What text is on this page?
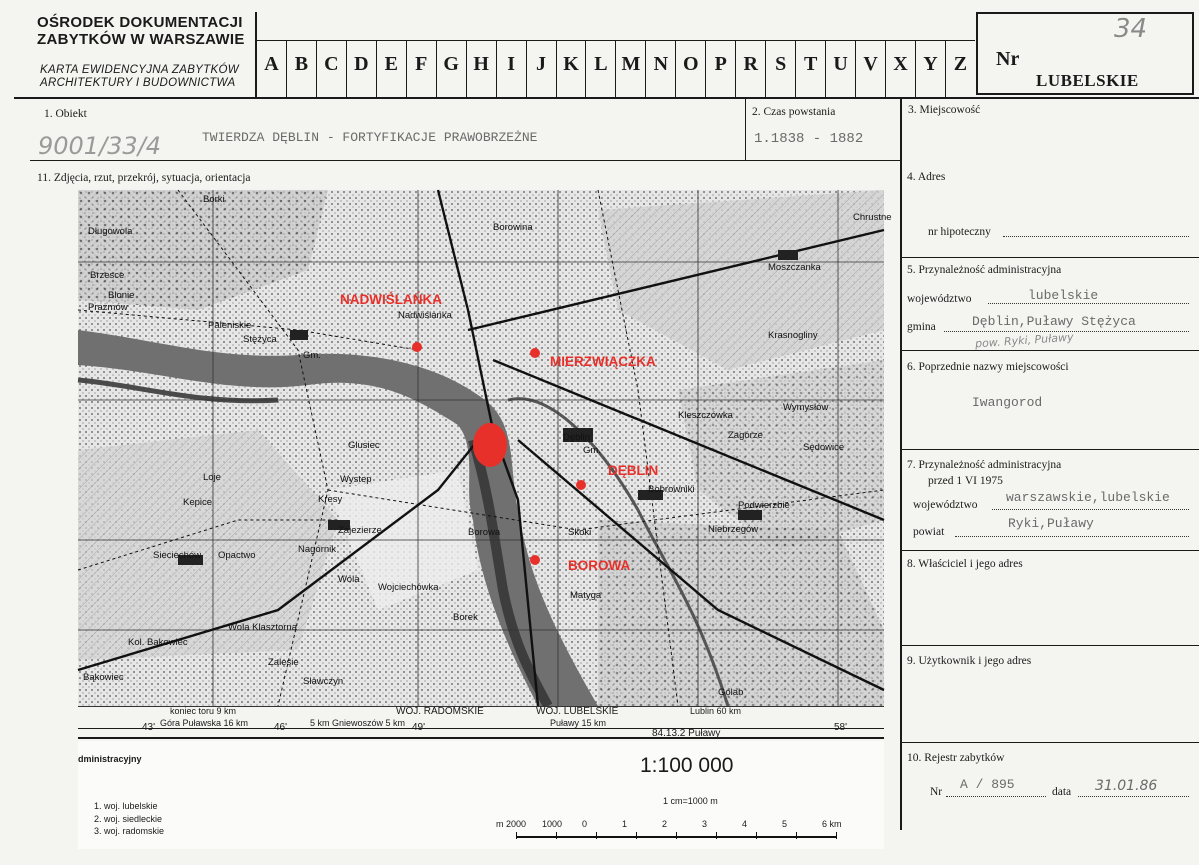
OŚRODEK DOKUMENTACJI
ZABYTKÓW W WARSZAWIE
KARTA EWIDENCYJNA ZABYTKÓW
ARCHITEKTURY I BUDOWNICTWA
A B C D E F G H I	J K L M N O P R S T U V X Y Z	Nr
34
LUBELSKIE
1. Obiekt
9001/33/4	TWIERDZA DĘBLIN - FORTYFIKACJE PRAWOBRZEŻNE
2. Czas powstania
1.1838 - 1882
3. Miejscowość
11. Zdjęcia, rzut, przekrój, sytuacja, orientacja
Borki
Długowola
Brzesce
Prażmów
Blonie
Paleniskie
Stężyca
Nadwiślanka
Borowina
Moszczanka
Chrustne
Krasnogliny
Glusiec
Dęblin
Bobrowniki
Podwierzbie
Zajezierze
Wystep
Kresy
Loje
Kepice
Wola
Borowa	Skoki
Matyga
Niebrzegów
Sieciechów Opactwo
Nagórnik
Wojciechówka
Borek
Wola Klasztorna
Zalesie
Sławczyn
Kol. Bąkowiec
Bąkowiec
Golab
Sędowice
Wymysłów
Kleszczówka
Zagórze
Gm.
Gm.
NADWIŚLAŃKA
MIERZWIĄCZKA
DĘBLIN
BOROWA
koniec toru 9 km
Góra Puławska 16 km	5 km Gniewoszów 5 km
WOJ. RADOMSKIE	WOJ. LUBELSKIE
Puławy 15 km
Lublin 60 km
84.13.2 Puławy
43'	46'	49'	58'
dministracyjny
1. woj. lubelskie
2. woj. siedleckie
3. woj. radomskie
1:100 000
1 cm=1000 m
m 2000 1000 0	1	2	3	4	5	6 km
4. Adres
nr hipoteczny
5. Przynależność administracyjna
województwo	lubelskie
gmina	Dęblin,Puławy Stężyca
pow. Ryki, Puławy
6. Poprzednie nazwy miejscowości
Iwangorod
7. Przynależność administracyjna
przed 1 VI 1975
województwo warszawskie,lubelskie
powiat
Ryki,Puławy
8. Właściciel i jego adres
9. Użytkownik i jego adres
10. Rejestr zabytków
Nr A / 895	data 31.01.86
